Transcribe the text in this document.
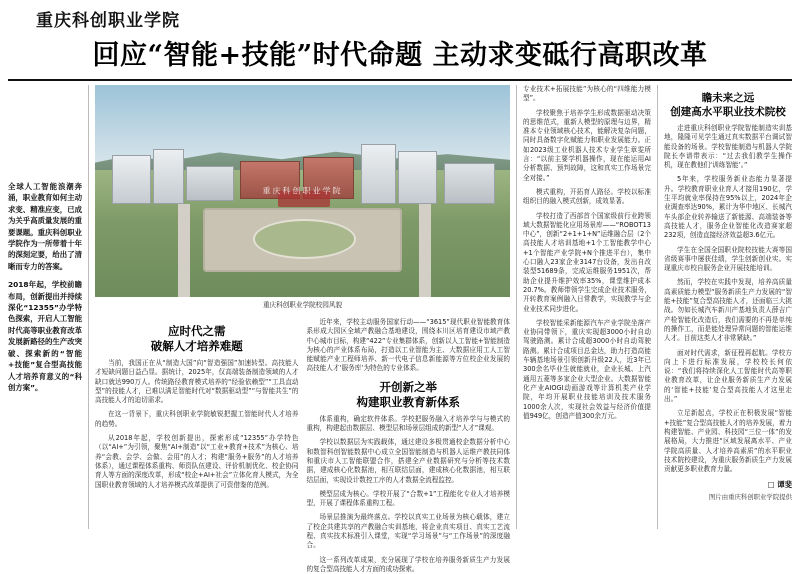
重庆科创职业学院
回应“智能+技能”时代命题 主动求变砥行高职改革

全球人工智能浪潮奔涌，职业教育如何主动求变、精准应变，已成为关乎高质量发展的重要课题。重庆科创职业学院作为一所带着十年的深刻定要，给出了清晰而专力的答案。

2018年起，学校前瞻布局，创新提出并持续深化“12355”办学特色探索，开启人工智能时代高等职业教育改革发展新路径的生产改突破、探索新的“智能+技能”复合型高技能人才培养育意义的“科创方案”。

重庆科创职业学院
重庆科创职业学院校园风貌
应时代之需
破解人才培养难题

当前，我国正在从“制造大国”向“智造强国”加速转型。高技能人才短缺问题日益凸显。据统计，2025年，仅高端装备制造领域的人才缺口就达990万人。传统路径教育模式培养的“经验依赖型”“工具直动型”的技能人才，已难以满足智能时代对“数据驱动型”“与智能共生”的高技能人才的迫切需求。

在这一背景下，重庆科创职业学院敏锐把握工智能时代人才培养的趋势。

从2018年起，学校创新提出，探索形成“12355”办学特色（以“AI+”为引领，聚焦“AI+制造”以“工业+教育+技术”为核心、培养“会教、会学、会做、会用”的人才；构建“服务+服务”的人才培养体系），通过课程体系重构、师资队伍建设、评价机制优化、校企协同育人等方面的深度改革，形成“校企+AI+社会”立体化育人模式，为全国职业教育领域的人才培养模式改革提供了可资借鉴的范例。

近年来，学校主动服务国家行动——“3615”现代职业智能教育体系形成大园区全域产教融合基地建设，围绕本川区培育建设市域产教中心城市目标，构建“422”专业集群体系，创新以人工智能+智能制造为核心的产业体系布局，打造以工业智能为主、大数据应用工人工智能赋能产业工程师培养、新一代电子信息新能源等方位校企业发展的高技能人才‘服务库’为特色的专业体系。

开创新之举
构建职业教育新体系

体系重构，确定软件体系。学校把服务融入才培养学与与模式的重构，构建起由数据层、模型层和场景层组成的新型“人才”课观。

学校以数据层为实践载体，通过建设多极贯通校企数据分析中心和数智科创智能数据中心成立全国智能制造与机器人运维产教扶同体和重庆市人工智能联盟合作，搭建全产业数据研究与分析等技术数据，建成核心化数据池，相互联结层面，建成核心化数据池，相互联结层面，实现设计数控工序的人才数据全流程监控。

模型层成为核心。学校开展了“合数+1”工程能化专业人才培养模型，开展了课程体系重构工程。

场景层推演为最终落点。学校以真实工业场景为核心载体，建立了校企共建共享的产教融合实训基地，将企业真实项目、真实工艺流程、真实技术标准引入课堂，实现“学习场景”与“工作场景”的深度融合。

这一系列改革成果，充分展现了学校在培养服务新质生产力发展的复合型高技能人才方面的成功探索。

专业技术+拓展技能”为核心的“四维能力模型”。

学校聚焦于培养学生形成数据驱动决策的思维范式，重新人模型的原理与边界，精准本专业领域核心技术，能解决复杂问题，同时具备数字化赋能力和职业发展能力。正如2023级工业机器人技术专业学生章雯所言：“以前主要学机器操作，现在能运用AI分析数据、预判故障，这和真实工作场景完全对接。”

模式重构，开拓育人路径。学校以标准组织目的融入模式创新，成效显著。

学校打造了西部首个国家级前行业跨领域大数据智能化应用场景库——“ROBOT13中心”，创新“2+1+1+N”运维融合层（2个高技能人才培训基地+1个工智能教学中心+1个智能产业学院+N个推进平台），集中心口融人23家企业3147台设备，发出自改装型51689条，完成运维服务1951次，帮助企业提升维护效率35%，课堂维护成本20.7%。教师带领学生完成企业技术服务，开转教育案例融入日常教学，实现教学与企业业技术同步进化。

学校智能采新能源汽车产业学院坐落产业协同带领下，重庆实现超3000小时自动驾驶路测。累计合成超3000小时自动驾驶路测。累计合成项目总金达，助力打造高能车辆基地场景引领创新升级22人，近3年已300余名毕业生就能就业，企业长城、上汽通用五菱等多家企业大型企业。大数据智能化产业AIOGI动画游戏等计算机类产业学院，年均开展职业技能培训及技术服务1000余人次，实现社会效益与经济价值提值949亿，创造产值300余万元。

瞻未来之远
创建高水平职业技术院校

走进重庆科创职业学院智能制造实训基地，隆隆可见学生通过真实数据平台调试智能设备的场景。学校智能制造与机器人学院院长李谱带表示：“过去我们教学生操作机，现在教他们‘训练智能’。”

5年来，学校服务新业态能力显著提升。学校教育职业业育人才接用190亿，学生平均就业率保持在95%以上，2024年企业调查率达90%，累计为华中地区、长城汽车头部企业转养输送了新能源、高端装备等高技能人才，服务企业智能化改造赛家超232项，创造直接经济效益超3.6亿元。

学生在全国全国职业院校技能大赛等国省级赛事中屡获佳绩，学生创新创业实。实现重庆市校自服务企业开展技能培训。

然而，学校在实践中发现，培养高质量高素质能力模型“服务新质生产力发展的“智能+技能”复合型高技能人才，还面临三大挑战。勿如长城汽车新川产基地负责人薛吉广产检智能化改造后，我们需要的不再是单纯的操作工，而是能处理异常问题的智能运维人才。目前这类人才非常紧缺。”

面对时代需求，新征程再起航。学校方向上下进行标准发展，学校校长何依说：“我们将持续深化人工智能时代高等职业教育改革，让企业服务新质生产力发展的‘智能+技能’复合型高技能人才这里走出。”

立足新起点，学校正在积极发展“智能+技能”复合型高技能人才的培养发展，着力构建智能、产业园、科技园“三位一体”的发展格局，大力推进“区域发展离水平、产业学院高质量、人才培养高素质”的水平职业技术院校建设，为重庆服务新质生产力发展贡献更多职业教育力量。

□ 谭斐
图片由重庆科创职业学院提供
